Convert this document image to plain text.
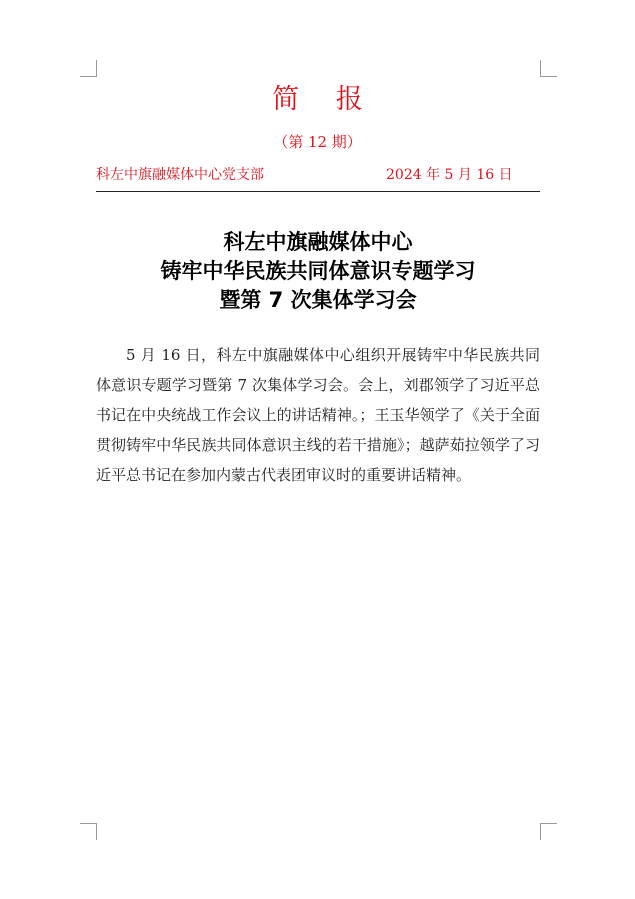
简 报
（第 12 期）
科左中旗融媒体中心党支部	2024 年 5 月 16 日
科左中旗融媒体中心
铸牢中华民族共同体意识专题学习
暨第 7 次集体学习会

5 月 16 日，科左中旗融媒体中心组织开展铸牢中华民族共同体意识专题学习暨第 7 次集体学习会。会上，刘郡领学了习近平总书记在中央统战工作会议上的讲话精神。；王玉华领学了《关于全面贯彻铸牢中华民族共同体意识主线的若干措施》；越萨茹拉领学了习近平总书记在参加内蒙古代表团审议时的重要讲话精神。
